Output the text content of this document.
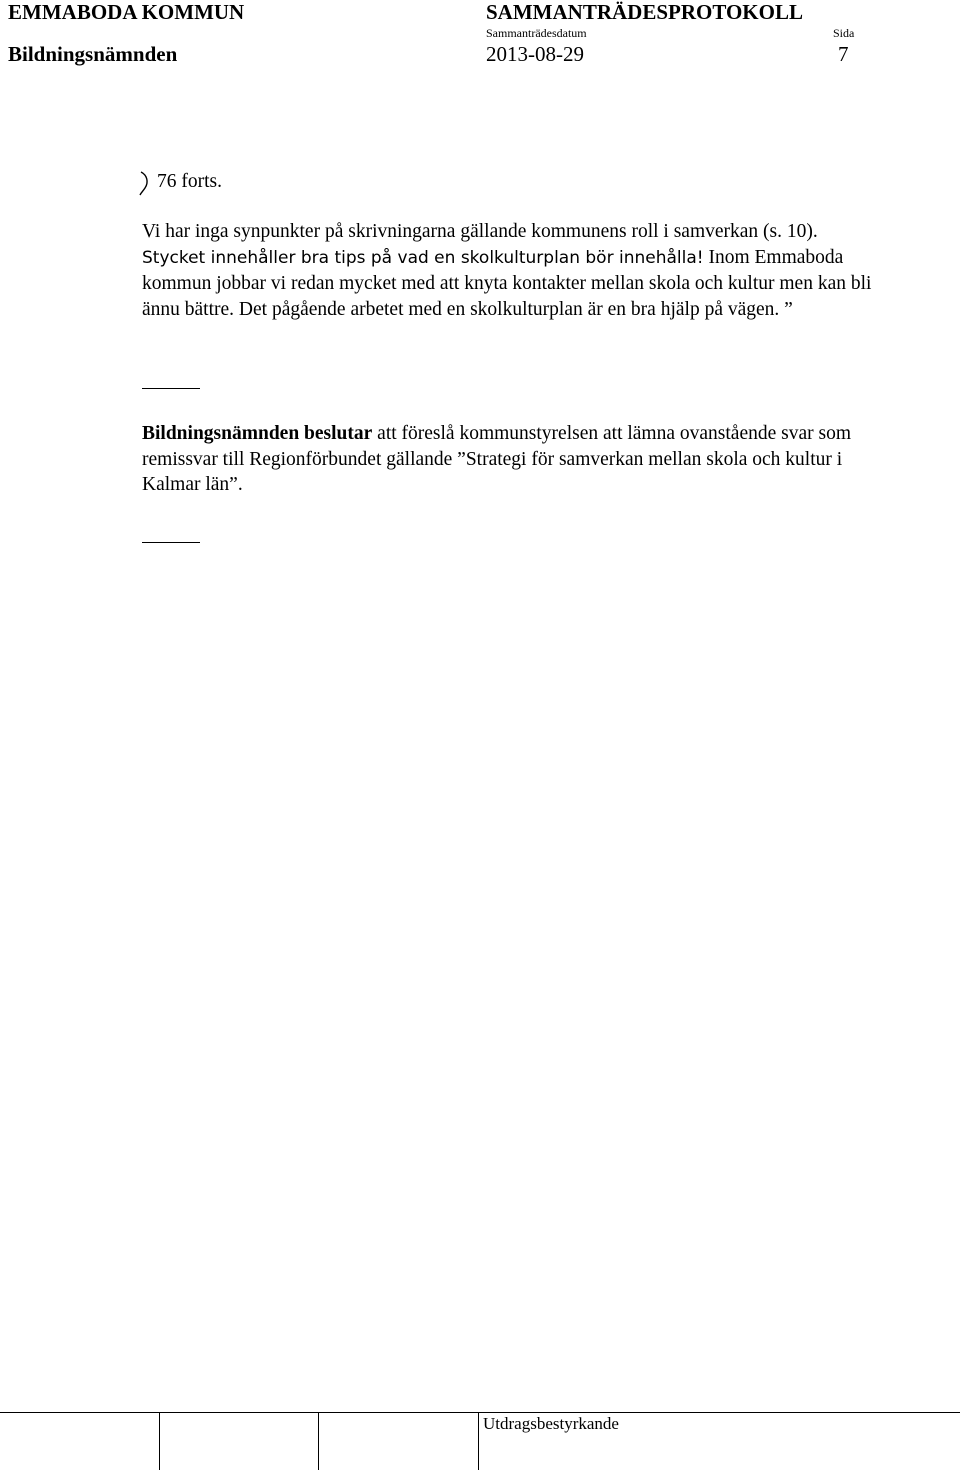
EMMABODA KOMMUN	SAMMANTRÄDESPROTOKOLL
Sammanträdesdatum	Sida
Bildningsnämnden	2013-08-29	7
76 forts.

Vi har inga synpunkter på skrivningarna gällande kommunens roll i samverkan (s. 10). Stycket innehåller bra tips på vad en skolkulturplan bör innehålla! Inom Emmaboda kommun jobbar vi redan mycket med att knyta kontakter mellan skola och kultur men kan bli ännu bättre. Det pågående arbetet med en skolkulturplan är en bra hjälp på vägen. ”

Bildningsnämnden beslutar att föreslå kommunstyrelsen att lämna ovanstående svar som remissvar till Regionförbundet gällande ”Strategi för samverkan mellan skola och kultur i Kalmar län”.

Utdragsbestyrkande
